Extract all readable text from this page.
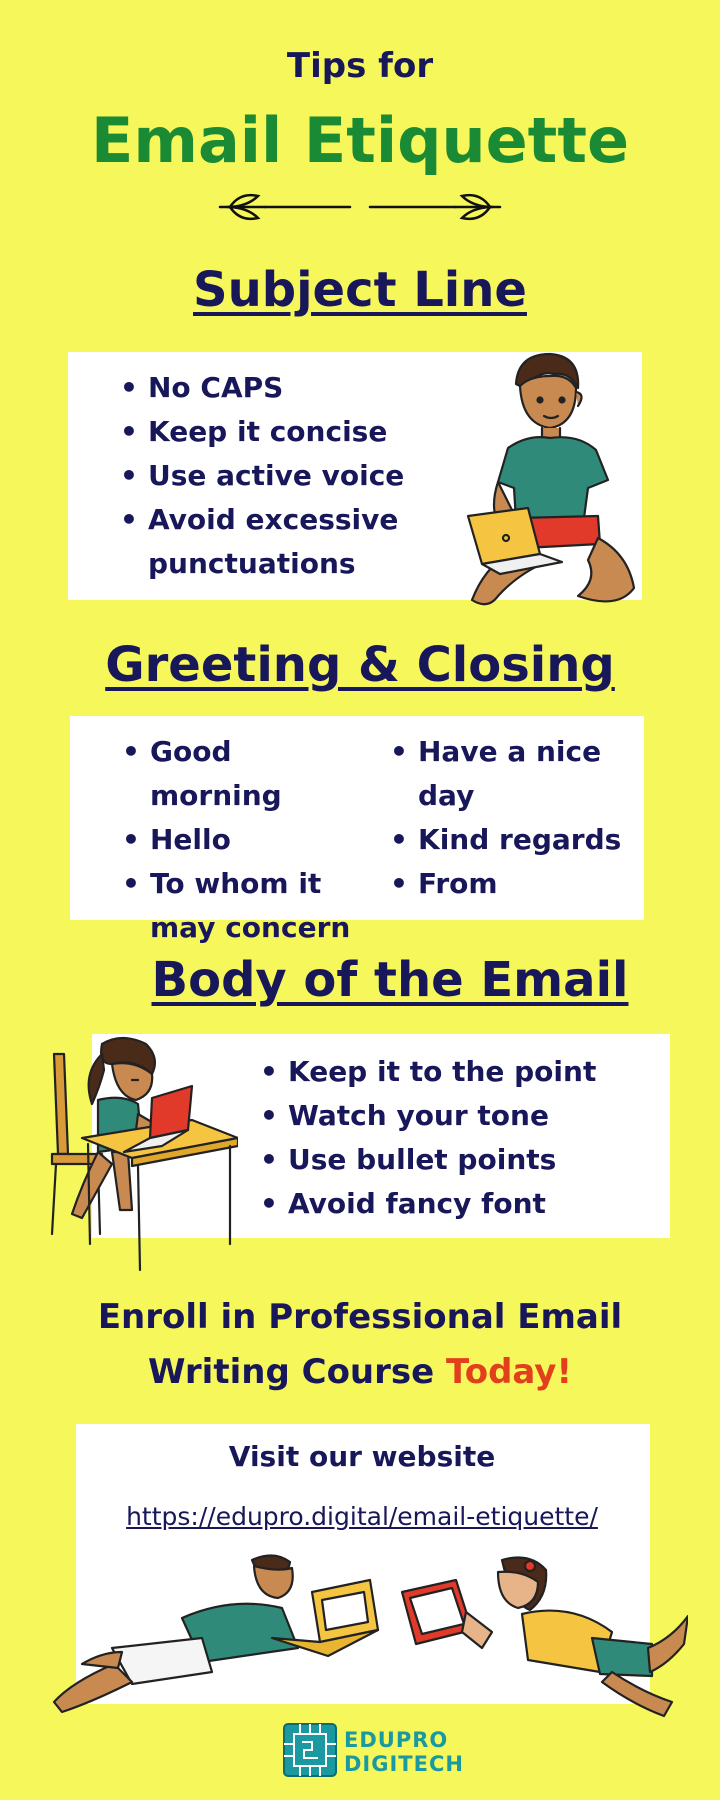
Tips for
Email Etiquette
Subject Line
• No CAPS
• Keep it concise
• Use active voice
• Avoid excessive punctuations
Greeting & Closing
• Good morning
• Hello
• To whom it may concern
• Have a nice day
• Kind regards
• From
Body of the Email
• Keep it to the point
• Watch your tone
• Use bullet points
• Avoid fancy font
Enroll in Professional Email
Writing Course Today!
Visit our website
https://edupro.digital/email-etiquette/
EDUPRO
DIGITECH
